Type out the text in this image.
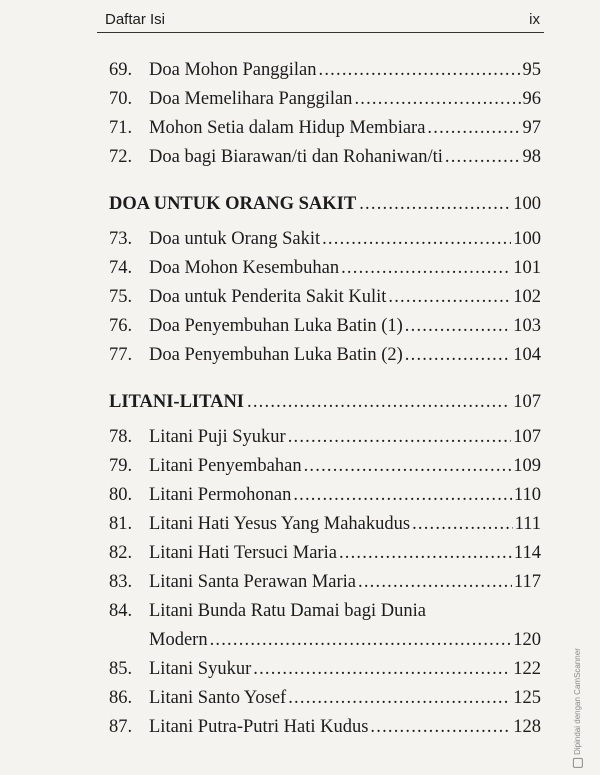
Daftar Isi	ix
69. Doa Mohon Panggilan .....	95
70. Doa Memelihara Panggilan .....	96
71. Mohon Setia dalam Hidup Membiara .....	97
72. Doa bagi Biarawan/ti dan Rohaniwan/ti .....	98
DOA UNTUK ORANG SAKIT .....	100
73. Doa untuk Orang Sakit .....	100
74. Doa Mohon Kesembuhan .....	101
75. Doa untuk Penderita Sakit Kulit .....	102
76. Doa Penyembuhan Luka Batin (1) .....	103
77. Doa Penyembuhan Luka Batin (2) .....	104
LITANI-LITANI .....	107
78. Litani Puji Syukur .....	107
79. Litani Penyembahan .....	109
80. Litani Permohonan .....	110
81. Litani Hati Yesus Yang Mahakudus .....	111
82. Litani Hati Tersuci Maria .....	114
83. Litani Santa Perawan Maria .....	117
84. Litani Bunda Ratu Damai bagi Dunia
Modern .....	120
85. Litani Syukur .....	122
86. Litani Santo Yosef .....	125
87. Litani Putra-Putri Hati Kudus .....	128	Dipindai dengan CamScanner
